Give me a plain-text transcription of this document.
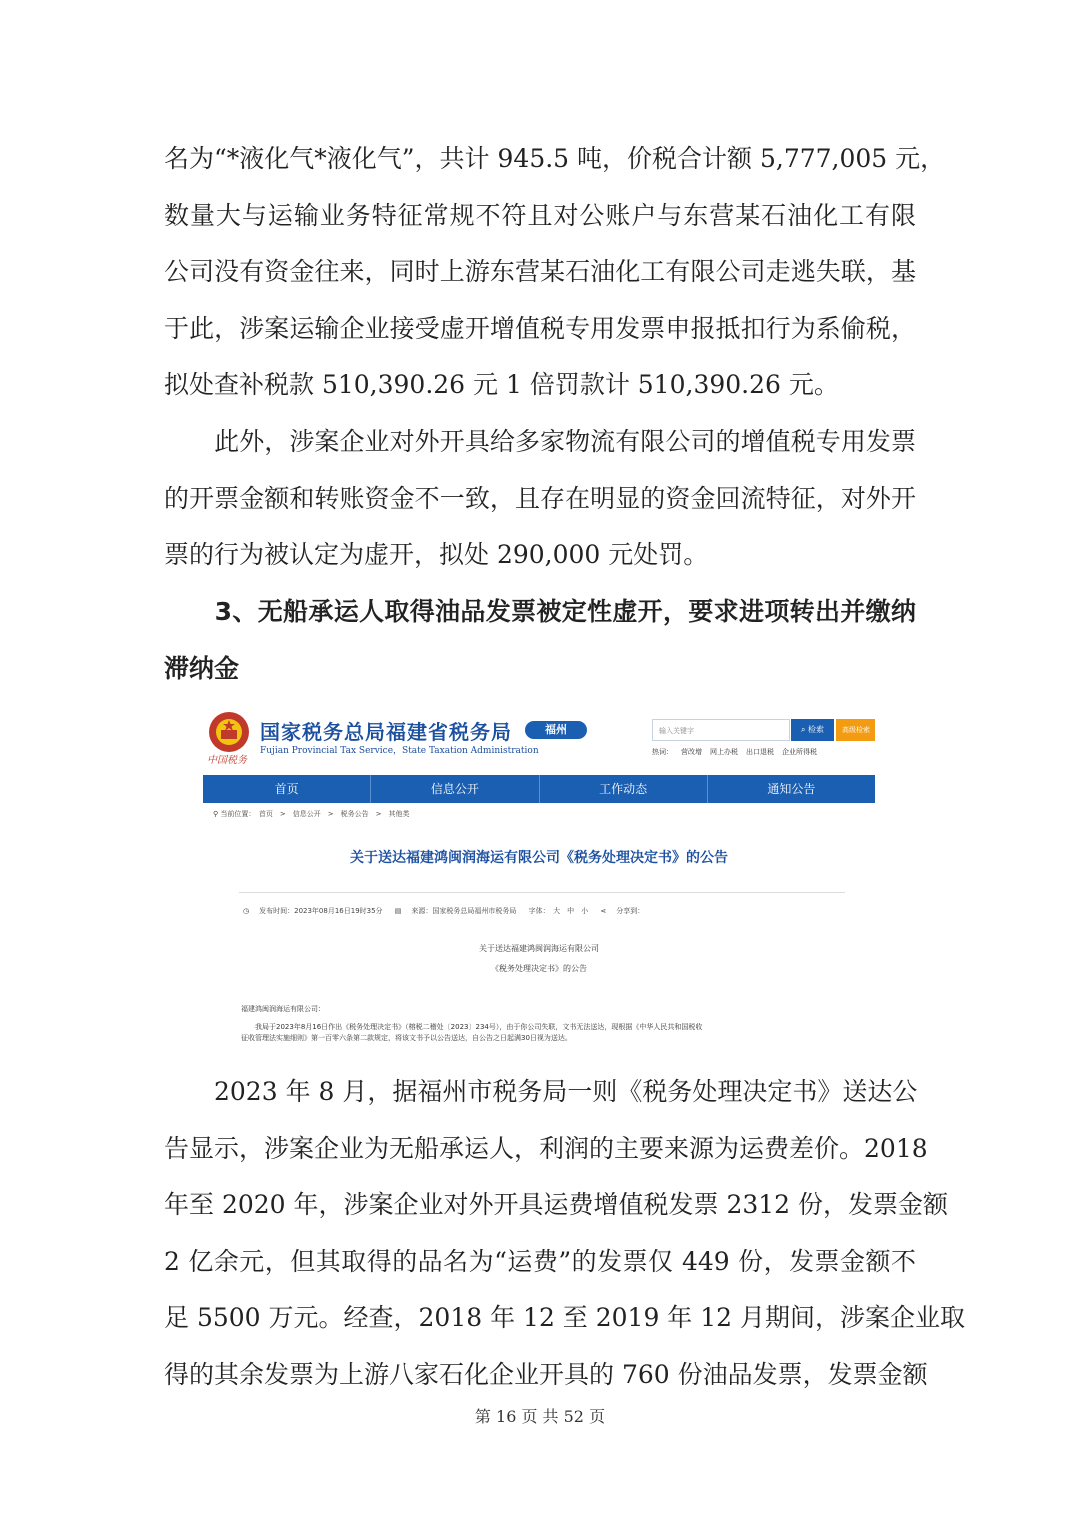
名为“*液化气*液化气”，共计 945.5 吨，价税合计额 5,777,005 元，
数量大与运输业务特征常规不符且对公账户与东营某石油化工有限
公司没有资金往来，同时上游东营某石油化工有限公司走逃失联，基
于此，涉案运输企业接受虚开增值税专用发票申报抵扣行为系偷税，
拟处查补税款 510,390.26 元 1 倍罚款计 510,390.26 元。

　　此外，涉案企业对外开具给多家物流有限公司的增值税专用发票
的开票金额和转账资金不一致，且存在明显的资金回流特征，对外开
票的行为被认定为虚开，拟处 290,000 元处罚。

　　3、无船承运人取得油品发票被定性虚开，要求进项转出并缴纳
滞纳金

中国税务
国家税务总局福建省税务局
Fujian Provincial Tax Service，State Taxation Administration
福州	输入关键字	⌕ 检索	高级检索
热词： 营改增 网上办税 出口退税 企业所得税
首页	信息公开	工作动态	通知公告
⚲ 当前位置：　首页　>　信息公开　>　税务公告　>　其他类
关于送达福建鸿闽润海运有限公司《税务处理决定书》的公告
◷ 发布时间：2023年08月16日19时35分 ▤ 来源：国家税务总局福州市税务局 字体：　大　中　小 ⋖ 分享到：
关于送达福建鸿闽润海运有限公司
《税务处理决定书》的公告
福建鸿闽润海运有限公司：
　　我局于2023年8月16日作出《税务处理决定书》（榕税二稽处〔2023〕234号），由于你公司失联，文书无法送达，现根据《中华人民共和国税收
征收管理法实施细则》第一百零六条第二款规定，将该文书予以公告送达，自公告之日起满30日视为送达。

　　2023 年 8 月，据福州市税务局一则《税务处理决定书》送达公
告显示，涉案企业为无船承运人，利润的主要来源为运费差价。2018
年至 2020 年，涉案企业对外开具运费增值税发票 2312 份，发票金额
2 亿余元，但其取得的品名为“运费”的发票仅 449 份，发票金额不
足 5500 万元。经查，2018 年 12 至 2019 年 12 月期间，涉案企业取
得的其余发票为上游八家石化企业开具的 760 份油品发票，发票金额

第 16 页 共 52 页
